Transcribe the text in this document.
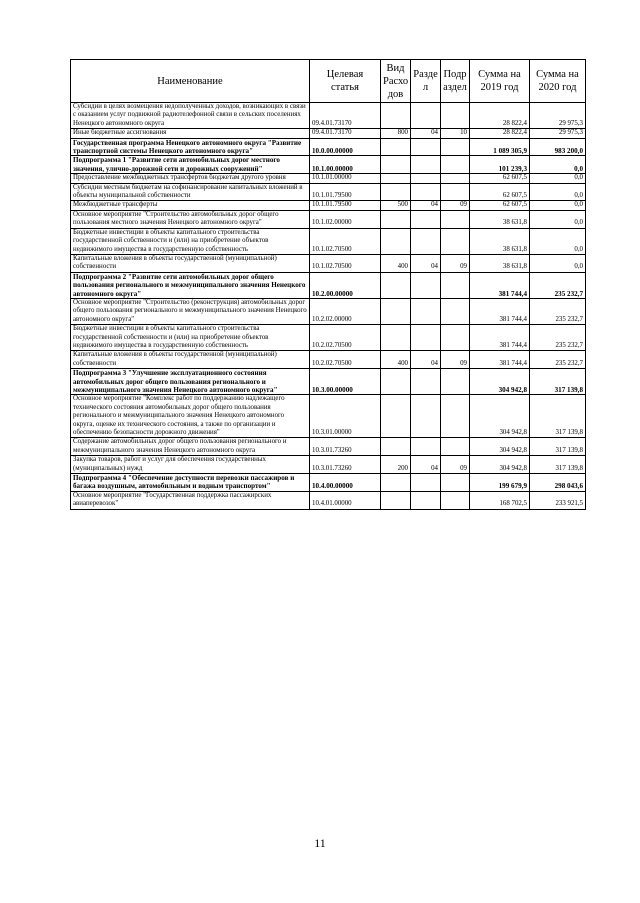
Наименование	Целевая статья	Вид Расхо дов	Разде л	Подр аздел	Сумма на 2019 год	Сумма на 2020 год
Субсидии в целях возмещения недополученных доходов, возникающих в связи с оказанием услуг подвижной радиотелефонной связи в сельских поселениях Ненецкого автономного округа	09.4.01.73170				28 822,4	29 975,3
Иные бюджетные ассигнования	09.4.01.73170	800	04	10	28 822,4	29 975,3
Государственная программа Ненецкого автономного округа "Развитие транспортной системы Ненецкого автономного округа"	10.0.00.00000				1 089 305,9	983 200,0
Подпрограмма 1 "Развитие сети автомобильных дорог местного значения, улично-дорожной сети и дорожных сооружений"	10.1.00.00000				101 239,3	0,0
Предоставление межбюджетных трансфертов бюджетам другого уровня	10.1.01.00000				62 607,5	0,0
Субсидии местным бюджетам на софинансирование капитальных вложений в объекты муниципальной собственности	10.1.01.79500				62 607,5	0,0
Межбюджетные трансферты	10.1.01.79500	500	04	09	62 607,5	0,0
Основное мероприятие "Строительство автомобильных дорог общего пользования местного значения Ненецкого автономного округа"	10.1.02.00000				38 631,8	0,0
Бюджетные инвестиции в объекты капитального строительства государственной собственности и (или) на приобретение объектов недвижимого имущества в государственную собственность	10.1.02.70500				38 631,8	0,0
Капитальные вложения в объекты государственной (муниципальной) собственности	10.1.02.70500	400	04	09	38 631,8	0,0
Подпрограмма 2 "Развитие сети автомобильных дорог общего пользования регионального и межмуниципального значения Ненецкого автономного округа"	10.2.00.00000				381 744,4	235 232,7
Основное мероприятие "Строительство (реконструкция) автомобильных дорог общего пользования регионального и межмуниципального значения Ненецкого автономного округа"	10.2.02.00000				381 744,4	235 232,7
Бюджетные инвестиции в объекты капитального строительства государственной собственности и (или) на приобретение объектов недвижимого имущества в государственную собственность	10.2.02.70500				381 744,4	235 232,7
Капитальные вложения в объекты государственной (муниципальной) собственности	10.2.02.70500	400	04	09	381 744,4	235 232,7
Подпрограмма 3 "Улучшение эксплуатационного состояния автомобильных дорог общего пользования регионального и межмуниципального значения Ненецкого автономного округа"	10.3.00.00000				304 942,8	317 139,8
Основное мероприятие "Комплекс работ по поддержанию надлежащего технического состояния автомобильных дорог общего пользования регионального и межмуниципального значения Ненецкого автономного округа, оценке их технического состояния, а также по организации и обеспечению безопасности дорожного движения"	10.3.01.00000				304 942,8	317 139,8
Содержание автомобильных дорог общего пользования регионального и межмуниципального значения Ненецкого автономного округа	10.3.01.73260				304 942,8	317 139,8
Закупка товаров, работ и услуг для обеспечения государственных (муниципальных) нужд	10.3.01.73260	200	04	09	304 942,8	317 139,8
Подпрограмма 4 "Обеспечение доступности перевозки пассажиров и багажа воздушным, автомобильным и водным транспортом"	10.4.00.00000				199 679,9	298 043,6
Основное мероприятие "Государственная поддержка пассажирских авиаперевозок"	10.4.01.00000				168 702,5	233 921,5
11
